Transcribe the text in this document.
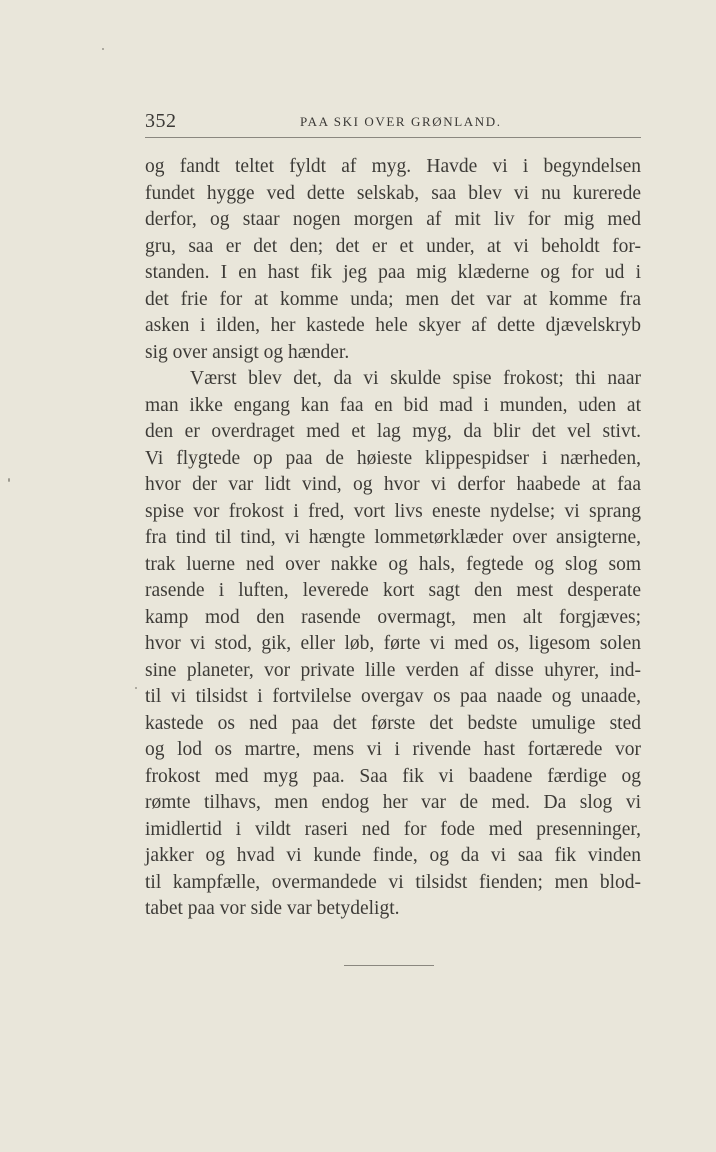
352	PAA SKI OVER GRØNLAND.
og fandt teltet fyldt af myg. Havde vi i begyndelsen
fundet hygge ved dette selskab, saa blev vi nu kurerede
derfor, og staar nogen morgen af mit liv for mig med
gru, saa er det den; det er et under, at vi beholdt for-
standen. I en hast fik jeg paa mig klæderne og for ud i
det frie for at komme unda; men det var at komme fra
asken i ilden, her kastede hele skyer af dette djævelskryb
sig over ansigt og hænder.
Værst blev det, da vi skulde spise frokost; thi naar
man ikke engang kan faa en bid mad i munden, uden at
den er overdraget med et lag myg, da blir det vel stivt.
Vi flygtede op paa de høieste klippespidser i nærheden,
hvor der var lidt vind, og hvor vi derfor haabede at faa
spise vor frokost i fred, vort livs eneste nydelse; vi sprang
fra tind til tind, vi hængte lommetørklæder over ansigterne,
trak luerne ned over nakke og hals, fegtede og slog som
rasende i luften, leverede kort sagt den mest desperate
kamp mod den rasende overmagt, men alt forgjæves;
hvor vi stod, gik, eller løb, førte vi med os, ligesom solen
sine planeter, vor private lille verden af disse uhyrer, ind-
til vi tilsidst i fortvilelse overgav os paa naade og unaade,
kastede os ned paa det første det bedste umulige sted
og lod os martre, mens vi i rivende hast fortærede vor
frokost med myg paa. Saa fik vi baadene færdige og
rømte tilhavs, men endog her var de med. Da slog vi
imidlertid i vildt raseri ned for fode med presenninger,
jakker og hvad vi kunde finde, og da vi saa fik vinden
til kampfælle, overmandede vi tilsidst fienden; men blod-
tabet paa vor side var betydeligt.
